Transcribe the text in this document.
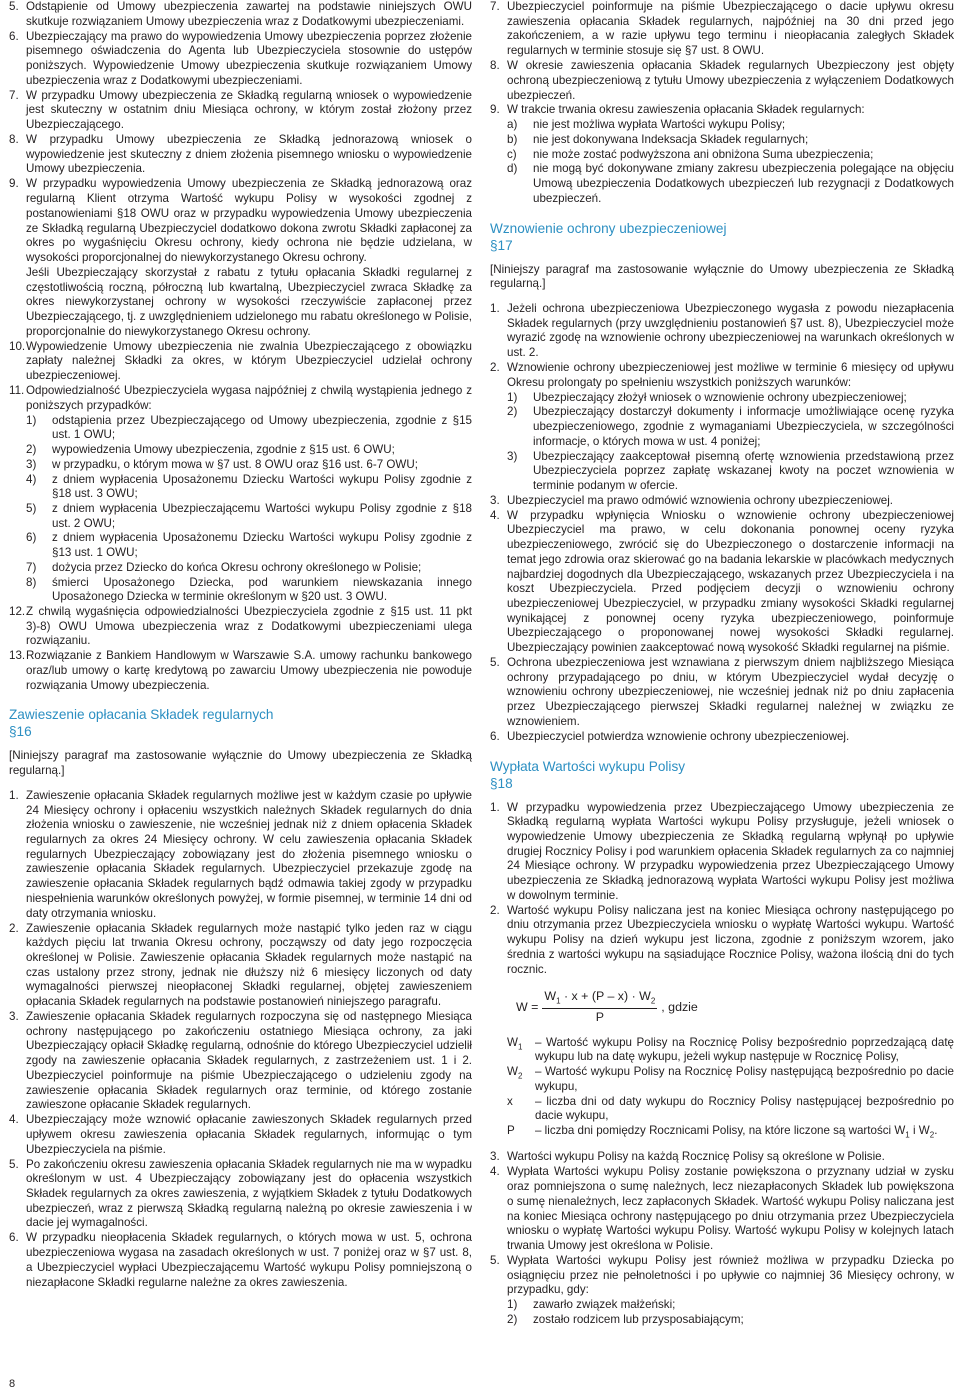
5. Odstąpienie od Umowy ubezpieczenia zawartej na podstawie niniejszych OWU skutkuje rozwiązaniem Umowy ubezpieczenia wraz z Dodatkowymi ubezpieczeniami.
6. Ubezpieczający ma prawo do wypowiedzenia Umowy ubezpieczenia poprzez złożenie pisemnego oświadczenia do Agenta lub Ubezpieczyciela stosownie do ustępów poniższych. Wypowiedzenie Umowy ubezpieczenia skutkuje rozwiązaniem Umowy ubezpieczenia wraz z Dodatkowymi ubezpieczeniami.
7. W przypadku Umowy ubezpieczenia ze Składką regularną wniosek o wypowiedzenie jest skuteczny w ostatnim dniu Miesiąca ochrony, w którym został złożony przez Ubezpieczającego.
8. W przypadku Umowy ubezpieczenia ze Składką jednorazową wniosek o wypowiedzenie jest skuteczny z dniem złożenia pisemnego wniosku o wypowiedzenie Umowy ubezpieczenia.
9. W przypadku wypowiedzenia Umowy ubezpieczenia ze Składką jednorazową oraz regularną Klient otrzyma Wartość wykupu Polisy w wysokości zgodnej z postanowieniami §18 OWU oraz w przypadku wypowiedzenia Umowy ubezpieczenia ze Składką regularną Ubezpieczyciel dodatkowo dokona zwrotu Składki zapłaconej za okres po wygaśnięciu Okresu ochrony, kiedy ochrona nie będzie udzielana, w wysokości proporcjonalnej do niewykorzystanego Okresu ochrony.
Jeśli Ubezpieczający skorzystał z rabatu z tytułu opłacania Składki regularnej z częstotliwością roczną, półroczną lub kwartalną, Ubezpieczyciel zwraca Składkę za okres niewykorzystanej ochrony w wysokości rzeczywiście zapłaconej przez Ubezpieczającego, tj. z uwzględnieniem udzielonego mu rabatu określonego w Polisie, proporcjonalnie do niewykorzystanego Okresu ochrony.
10. Wypowiedzenie Umowy ubezpieczenia nie zwalnia Ubezpieczającego z obowiązku zapłaty należnej Składki za okres, w którym Ubezpieczyciel udzielał ochrony ubezpieczeniowej.
11. Odpowiedzialność Ubezpieczyciela wygasa najpóźniej z chwilą wystąpienia jednego z poniższych przypadków:
1)	odstąpienia przez Ubezpieczającego od Umowy ubezpieczenia, zgodnie z §15 ust. 1 OWU;
2)	wypowiedzenia Umowy ubezpieczenia, zgodnie z §15 ust. 6 OWU;
3)	w przypadku, o którym mowa w §7 ust. 8 OWU oraz §16 ust. 6-7 OWU;
4)	z dniem wypłacenia Uposażonemu Dziecku Wartości wykupu Polisy zgodnie z §18 ust. 3 OWU;
5)	z dniem wypłacenia Ubezpieczającemu Wartości wykupu Polisy zgodnie z §18 ust. 2 OWU;
6)	z dniem wypłacenia Uposażonemu Dziecku Wartości wykupu Polisy zgodnie z §13 ust. 1 OWU;
7)	dożycia przez Dziecko do końca Okresu ochrony określonego w Polisie;
8)	śmierci Uposażonego Dziecka, pod warunkiem niewskazania innego Uposażonego Dziecka w terminie określonym w §20 ust. 3 OWU.
12. Z chwilą wygaśnięcia odpowiedzialności Ubezpieczyciela zgodnie z §15 ust. 11 pkt 3)-8) OWU Umowa ubezpieczenia wraz z Dodatkowymi ubezpieczeniami ulega rozwiązaniu.
13. Rozwiązanie z Bankiem Handlowym w Warszawie S.A. umowy rachunku bankowego oraz/lub umowy o kartę kredytową po zawarciu Umowy ubezpieczenia nie powoduje rozwiązania Umowy ubezpieczenia.
Zawieszenie opłacania Składek regularnych
§16
[Niniejszy paragraf ma zastosowanie wyłącznie do Umowy ubezpieczenia ze Składką regularną.]
1. Zawieszenie opłacania Składek regularnych możliwe jest w każdym czasie po upływie 24 Miesięcy ochrony i opłaceniu wszystkich należnych Składek regularnych do dnia złożenia wniosku o zawieszenie, nie wcześniej jednak niż z dniem opłacenia Składek regularnych za okres 24 Miesięcy ochrony. W celu zawieszenia opłacania Składek regularnych Ubezpieczający zobowiązany jest do złożenia pisemnego wniosku o zawieszenie opłacania Składek regularnych. Ubezpieczyciel przekazuje zgodę na zawieszenie opłacania Składek regularnych bądź odmawia takiej zgody w przypadku niespełnienia warunków określonych powyżej, w formie pisemnej, w terminie 14 dni od daty otrzymania wniosku.
2. Zawieszenie opłacania Składek regularnych może nastąpić tylko jeden raz w ciągu każdych pięciu lat trwania Okresu ochrony, począwszy od daty jego rozpoczęcia określonej w Polisie. Zawieszenie opłacania Składek regularnych może nastąpić na czas ustalony przez strony, jednak nie dłuższy niż 6 miesięcy liczonych od daty wymagalności pierwszej nieopłaconej Składki regularnej, objętej zawieszeniem opłacania Składek regularnych na podstawie postanowień niniejszego paragrafu.
3. Zawieszenie opłacania Składek regularnych rozpoczyna się od następnego Miesiąca ochrony następującego po zakończeniu ostatniego Miesiąca ochrony, za jaki Ubezpieczający opłacił Składkę regularną, odnośnie do którego Ubezpieczyciel udzielił zgody na zawieszenie opłacania Składek regularnych, z zastrzeżeniem ust. 1 i 2. Ubezpieczyciel poinformuje na piśmie Ubezpieczającego o udzieleniu zgody na zawieszenie opłacania Składek regularnych oraz terminie, od którego zostanie zawieszone opłacanie Składek regularnych.
4. Ubezpieczający może wznowić opłacanie zawieszonych Składek regularnych przed upływem okresu zawieszenia opłacania Składek regularnych, informując o tym Ubezpieczyciela na piśmie.
5. Po zakończeniu okresu zawieszenia opłacania Składek regularnych nie ma w wypadku określonym w ust. 4 Ubezpieczający zobowiązany jest do opłacenia wszystkich Składek regularnych za okres zawieszenia, z wyjątkiem Składek z tytułu Dodatkowych ubezpieczeń, wraz z pierwszą Składką regularną należną po okresie zawieszenia i w dacie jej wymagalności.
6. W przypadku nieopłacenia Składek regularnych, o których mowa w ust. 5, ochrona ubezpieczeniowa wygasa na zasadach określonych w ust. 7 poniżej oraz w §7 ust. 8, a Ubezpieczyciel wypłaci Ubezpieczającemu Wartość wykupu Polisy pomniejszoną o niezapłacone Składki regularne należne za okres zawieszenia.
7. Ubezpieczyciel poinformuje na piśmie Ubezpieczającego o dacie upływu okresu zawieszenia opłacania Składek regularnych, najpóźniej na 30 dni przed jego zakończeniem, a w razie upływu tego terminu i nieopłacania zaległych Składek regularnych w terminie stosuje się §7 ust. 8 OWU.
8. W okresie zawieszenia opłacania Składek regularnych Ubezpieczony jest objęty ochroną ubezpieczeniową z tytułu Umowy ubezpieczenia z wyłączeniem Dodatkowych ubezpieczeń.
9. W trakcie trwania okresu zawieszenia opłacania Składek regularnych:
a)	nie jest możliwa wypłata Wartości wykupu Polisy;
b)	nie jest dokonywana Indeksacja Składek regularnych;
c)	nie może zostać podwyższona ani obniżona Suma ubezpieczenia;
d)	nie mogą być dokonywane zmiany zakresu ubezpieczenia polegające na objęciu Umową ubezpieczenia Dodatkowych ubezpieczeń lub rezygnacji z Dodatkowych ubezpieczeń.
Wznowienie ochrony ubezpieczeniowej
§17
[Niniejszy paragraf ma zastosowanie wyłącznie do Umowy ubezpieczenia ze Składką regularną.]
1. Jeżeli ochrona ubezpieczeniowa Ubezpieczonego wygasła z powodu niezapłacenia Składek regularnych (przy uwzględnieniu postanowień §7 ust. 8), Ubezpieczyciel może wyrazić zgodę na wznowienie ochrony ubezpieczeniowej na warunkach określonych w ust. 2.
2. Wznowienie ochrony ubezpieczeniowej jest możliwe w terminie 6 miesięcy od upływu Okresu prolongaty po spełnieniu wszystkich poniższych warunków:
1)	Ubezpieczający złożył wniosek o wznowienie ochrony ubezpieczeniowej;
2)	Ubezpieczający dostarczył dokumenty i informacje umożliwiające ocenę ryzyka ubezpieczeniowego, zgodnie z wymaganiami Ubezpieczyciela, w szczególności informacje, o których mowa w ust. 4 poniżej;
3)	Ubezpieczający zaakceptował pisemną ofertę wznowienia przedstawioną przez Ubezpieczyciela poprzez zapłatę wskazanej kwoty na poczet wznowienia w terminie podanym w ofercie.
3. Ubezpieczyciel ma prawo odmówić wznowienia ochrony ubezpieczeniowej.
4. W przypadku wpłynięcia Wniosku o wznowienie ochrony ubezpieczeniowej Ubezpieczyciel ma prawo, w celu dokonania ponownej oceny ryzyka ubezpieczeniowego, zwrócić się do Ubezpieczonego o dostarczenie informacji na temat jego zdrowia oraz skierować go na badania lekarskie w placówkach medycznych najbardziej dogodnych dla Ubezpieczającego, wskazanych przez Ubezpieczyciela i na koszt Ubezpieczyciela. Przed podjęciem decyzji o wznowieniu ochrony ubezpieczeniowej Ubezpieczyciel, w przypadku zmiany wysokości Składki regularnej wynikającej z ponownej oceny ryzyka ubezpieczeniowego, poinformuje Ubezpieczającego o proponowanej nowej wysokości Składki regularnej. Ubezpieczający powinien zaakceptować nową wysokość Składki regularnej na piśmie.
5. Ochrona ubezpieczeniowa jest wznawiana z pierwszym dniem najbliższego Miesiąca ochrony przypadającego po dniu, w którym Ubezpieczyciel wydał decyzję o wznowieniu ochrony ubezpieczeniowej, nie wcześniej jednak niż po dniu zapłacenia przez Ubezpieczającego pierwszej Składki regularnej należnej w związku ze wznowieniem.
6. Ubezpieczyciel potwierdza wznowienie ochrony ubezpieczeniowej.
Wypłata Wartości wykupu Polisy
§18
1. W przypadku wypowiedzenia przez Ubezpieczającego Umowy ubezpieczenia ze Składką regularną wypłata Wartości wykupu Polisy przysługuje, jeżeli wniosek o wypowiedzenie Umowy ubezpieczenia ze Składką regularną wpłynął po upływie drugiej Rocznicy Polisy i pod warunkiem opłacenia Składek regularnych za co najmniej 24 Miesiące ochrony. W przypadku wypowiedzenia przez Ubezpieczającego Umowy ubezpieczenia ze Składką jednorazową wypłata Wartości wykupu Polisy jest możliwa w dowolnym terminie.
2. Wartość wykupu Polisy naliczana jest na koniec Miesiąca ochrony następującego po dniu otrzymania przez Ubezpieczyciela wniosku o wypłatę Wartości wykupu. Wartość wykupu Polisy na dzień wykupu jest liczona, zgodnie z poniższym wzorem, jako średnia z wartości wykupu na sąsiadujące Rocznice Polisy, ważona ilością dni do tych rocznic.
$W = \frac{W_1 \cdot x + (P - x) \cdot W_2}{P}$ , gdzie
$W_1$	– Wartość wykupu Polisy na Rocznicę Polisy bezpośrednio poprzedzającą datę wykupu lub na datę wykupu, jeżeli wykup następuje w Rocznicę Polisy,
$W_2$	– Wartość wykupu Polisy na Rocznicę Polisy następującą bezpośrednio po dacie wykupu,
x	– liczba dni od daty wykupu do Rocznicy Polisy następującej bezpośrednio po dacie wykupu,
P	– liczba dni pomiędzy Rocznicami Polisy, na które liczone są wartości $W_1$ i $W_2$.
3. Wartości wykupu Polisy na każdą Rocznicę Polisy są określone w Polisie.
4. Wypłata Wartości wykupu Polisy zostanie powiększona o przyznany udział w zysku oraz pomniejszona o sumę należnych, lecz niezapłaconych Składek lub powiększona o sumę nienależnych, lecz zapłaconych Składek. Wartość wykupu Polisy naliczana jest na koniec Miesiąca ochrony następującego po dniu otrzymania przez Ubezpieczyciela wniosku o wypłatę Wartości wykupu Polisy. Wartość wykupu Polisy w kolejnych latach trwania Umowy jest określona w Polisie.
5. Wypłata Wartości wykupu Polisy jest również możliwa w przypadku Dziecka po osiągnięciu przez nie pełnoletności i po upływie co najmniej 36 Miesięcy ochrony, w przypadku, gdy:
1)	zawarło związek małżeński;
2)	zostało rodzicem lub przysposabiającym;
8
